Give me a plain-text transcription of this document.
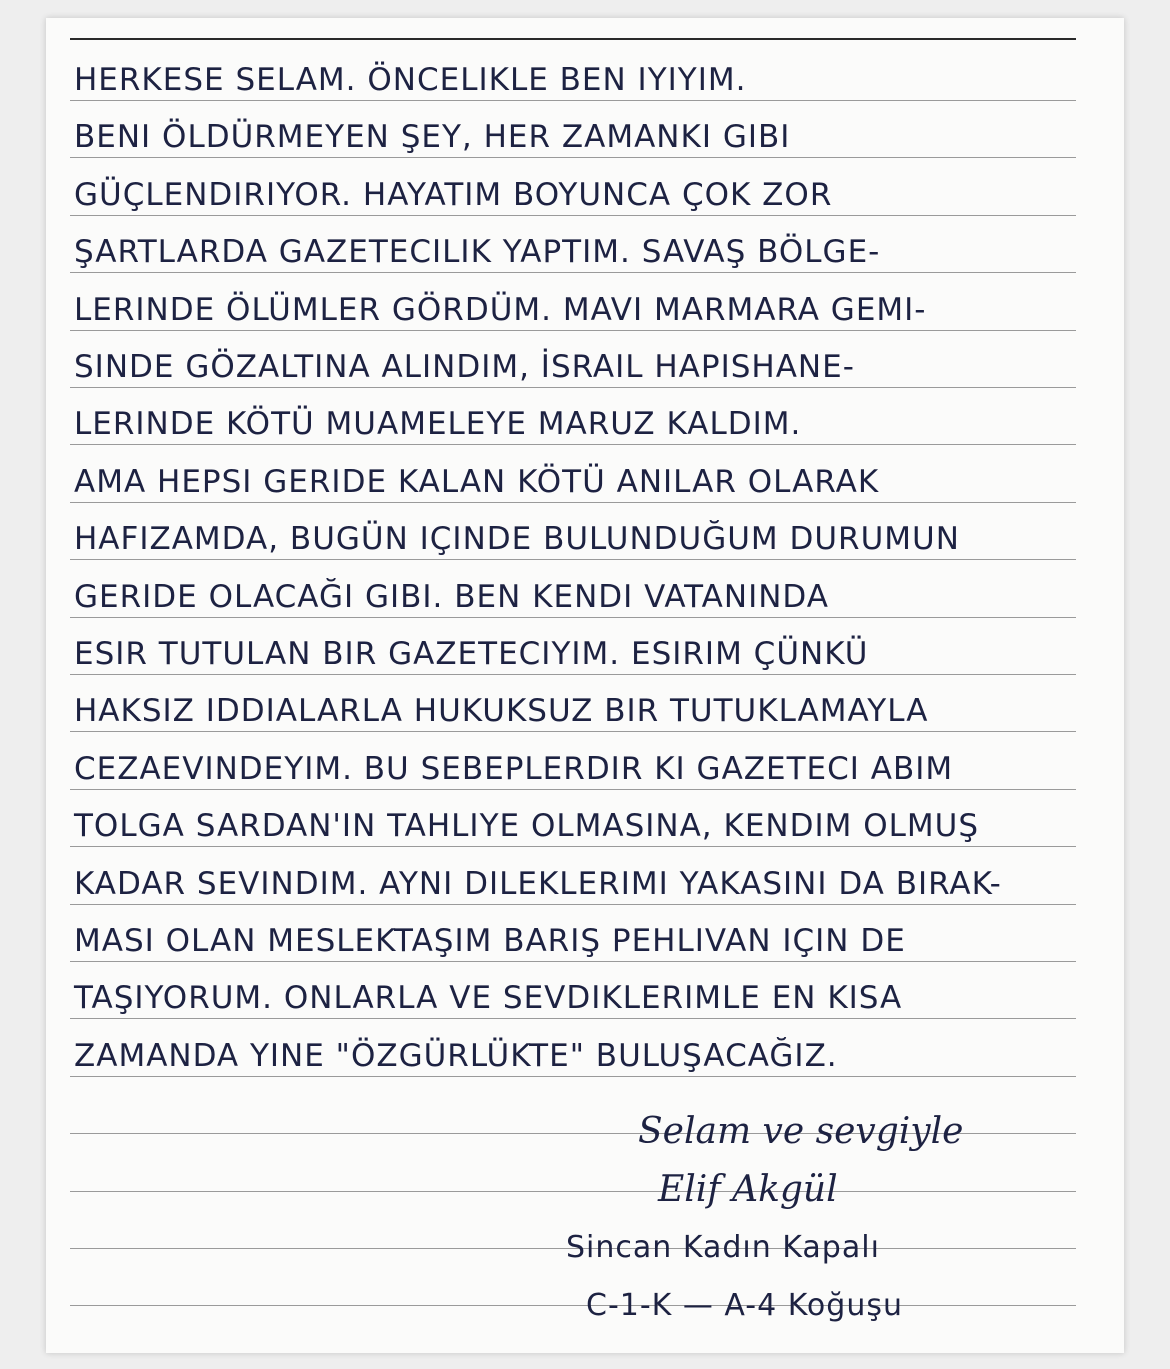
HERKESE SELAM. ÖNCELIKLE BEN IYIYIM.
BENI ÖLDÜRMEYEN ŞEY, HER ZAMANKI GIBI
GÜÇLENDIRIYOR. HAYATIM BOYUNCA ÇOK ZOR
ŞARTLARDA GAZETECILIK YAPTIM. SAVAŞ BÖLGE-
LERINDE ÖLÜMLER GÖRDÜM. MAVI MARMARA GEMI-
SINDE GÖZALTINA ALINDIM, İSRAIL HAPISHANE-
LERINDE KÖTÜ MUAMELEYE MARUZ KALDIM.
AMA HEPSI GERIDE KALAN KÖTÜ ANILAR OLARAK
HAFIZAMDA, BUGÜN IÇINDE BULUNDUĞUM DURUMUN
GERIDE OLACAĞI GIBI. BEN KENDI VATANINDA
ESIR TUTULAN BIR GAZETECIYIM. ESIRIM ÇÜNKÜ
HAKSIZ IDDIALARLA HUKUKSUZ BIR TUTUKLAMAYLA
CEZAEVINDEYIM. BU SEBEPLERDIR KI GAZETECI ABIM
TOLGA SARDAN'IN TAHLIYE OLMASINA, KENDIM OLMUŞ
KADAR SEVINDIM. AYNI DILEKLERIMI YAKASINI DA BIRAK-
MASI OLAN MESLEKTAŞIM BARIŞ PEHLIVAN IÇIN DE
TAŞIYORUM. ONLARLA VE SEVDIKLERIMLE EN KISA
ZAMANDA YINE "ÖZGÜRLÜKTE" BULUŞACAĞIZ.
Selam ve sevgiyle
Elif Akgül
Sincan Kadın Kapalı
C-1-K — A-4 Koğuşu
